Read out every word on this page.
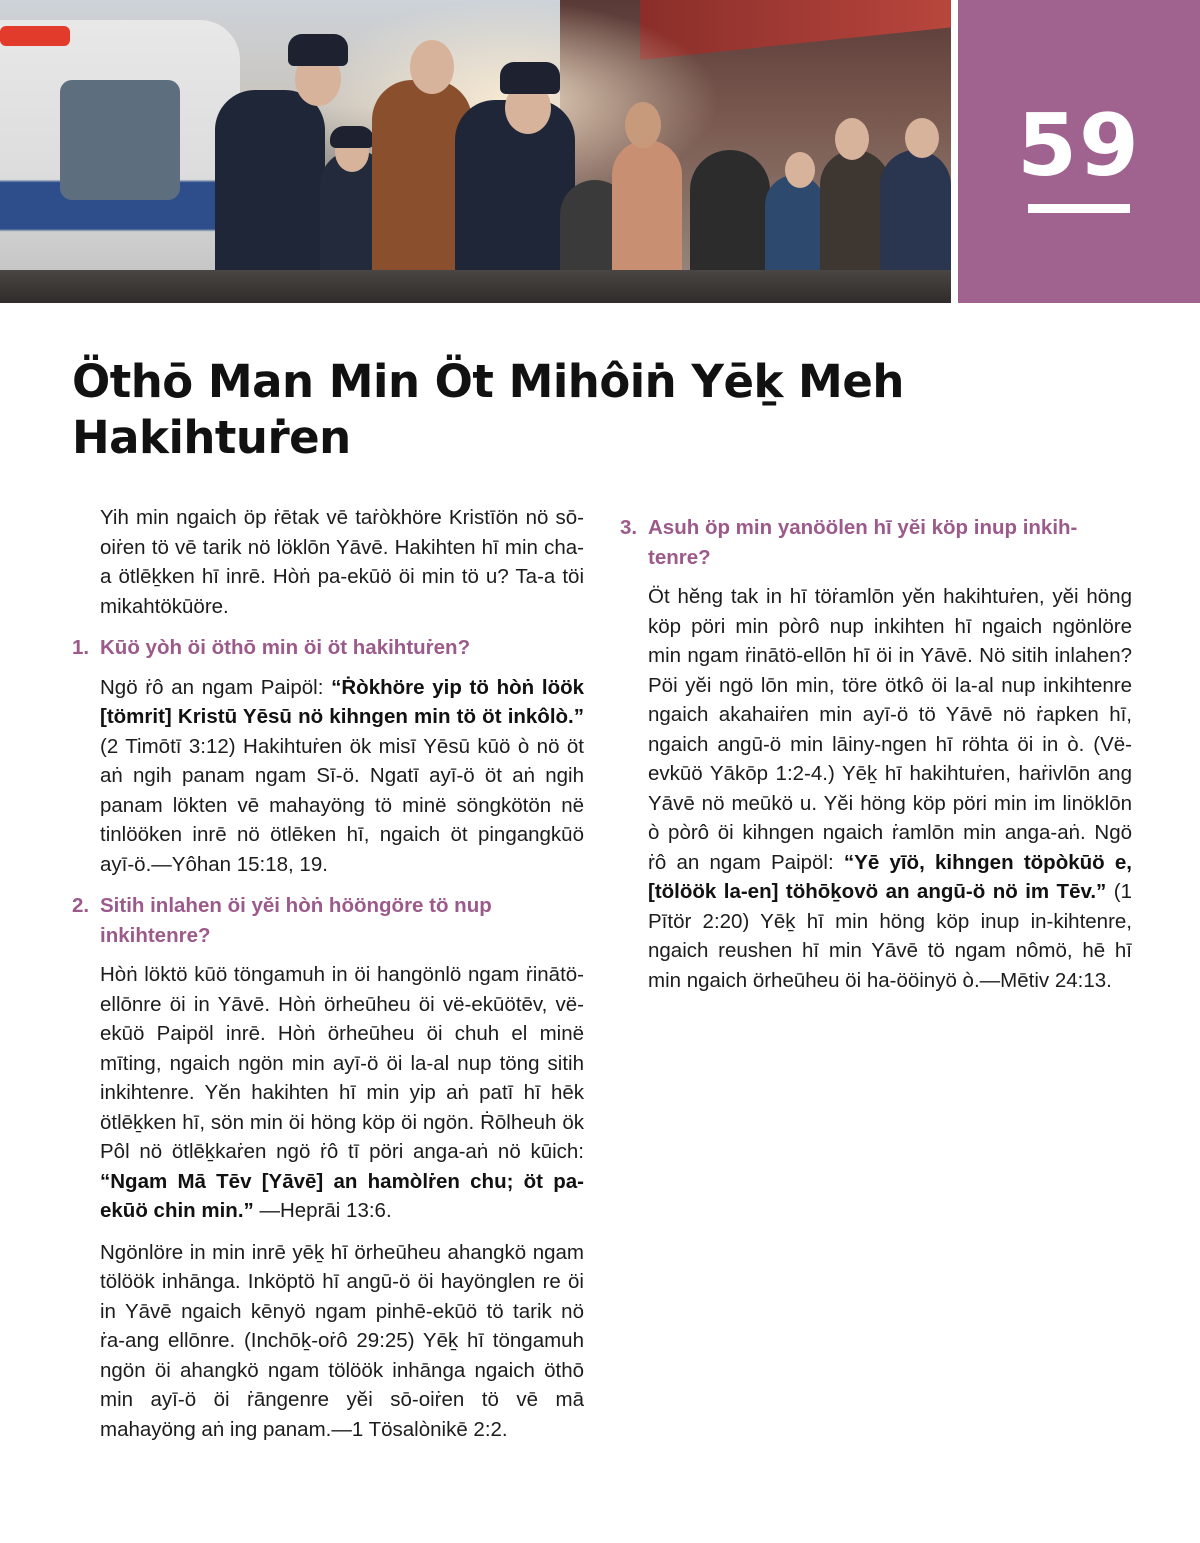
59
Öthō Man Min Öt Mihôiṅ Yēḵ Meh Hakihtuṙen

Yih min ngaich öp ṙētak vē taṙòkhöre Kristīön nö sō-oiṙen tö vē tarik nö löklōn Yāvē. Hakihten hī min cha-a ötlēḵken hī inrē. Hòṅ pa-ekūö öi min tö u? Ta-a töi mikahtökūöre.

1. Kūö yòh öi öthō min öi öt hakihtuṙen?

Ngö ṙô an ngam Paipöl: “Ṙòkhöre yip tö hòṅ löök [tömrit] Kristū Yēsū nö kihngen min tö öt inkôlò.” (2 Timōtī 3:12) Hakihtuṙen ök misī Yēsū kūö ò nö öt aṅ ngih panam ngam Sī-ö. Ngatī ayī-ö öt aṅ ngih panam lökten vē mahayöng tö minë söngkötön në tinlööken inrē nö ötlēken hī, ngaich öt pingangkūö ayī-ö.—Yôhan 15:18, 19.

2. Sitih inlahen öi yĕi hòṅ hööngöre tö nup inkihtenre?

Hòṅ löktö kūö töngamuh in öi hangönlö ngam ṙinātö-ellōnre öi in Yāvē. Hòṅ örheūheu öi vë-ekūötēv, vë-ekūö Paipöl inrē. Hòṅ örheūheu öi chuh el minë mīting, ngaich ngön min ayī-ö öi la-al nup töng sitih inkihtenre. Yĕn hakihten hī min yip aṅ patī hī hēk ötlēḵken hī, sön min öi höng köp öi ngön. Ṙōlheuh ök Pôl nö ötlēḵkaṙen ngö ṙô tī pöri anga-aṅ nö kūich: “Ngam Mā Tēv [Yāvē] an hamòlṙen chu; öt pa-ekūö chin min.” —Heprāi 13:6.

Ngönlöre in min inrē yēḵ hī örheūheu ahangkö ngam tölöök inhānga. Inköptö hī angū-ö öi hayönglen re öi in Yāvē ngaich kēnyö ngam pinhē-ekūö tö tarik nö ṙa-ang ellōnre. (Inchōḵ-oṙô 29:25) Yēḵ hī töngamuh ngön öi ahangkö ngam tölöök inhānga ngaich öthō min ayī-ö öi ṙāngenre yĕi sō-oiṙen tö vē mā mahayöng aṅ ing panam.—1 Tösalònikē 2:2.

3. Asuh öp min yanöölen hī yĕi köp inup inkih-tenre?

Öt hĕng tak in hī töṙamlōn yĕn hakihtuṙen, yĕi höng köp pöri min pòrô nup inkihten hī ngaich ngönlöre min ngam ṙinātö-ellōn hī öi in Yāvē. Nö sitih inlahen? Pöi yĕi ngö lōn min, töre ötkô öi la-al nup inkihtenre ngaich akahaiṙen min ayī-ö tö Yāvē nö ṙapken hī, ngaich angū-ö min lāiny-ngen hī röhta öi in ò. (Vë-evkūö Yākōp 1:2-4.) Yēḵ hī hakihtuṙen, haṙivlōn ang Yāvē nö meūkö u. Yĕi höng köp pöri min im linöklōn ò pòrô öi kihngen ngaich ṙamlōn min anga-aṅ. Ngö ṙô an ngam Paipöl: “Yē yīö, kihngen töpòkūö e, [tölöök la-en] töhōḵovö an angū-ö nö im Tēv.” (1 Pītör 2:20) Yēḵ hī min höng köp inup in-kihtenre, ngaich reushen hī min Yāvē tö ngam nômö, hē hī min ngaich örheūheu öi ha-ööinyö ò.—Mētiv 24:13.
